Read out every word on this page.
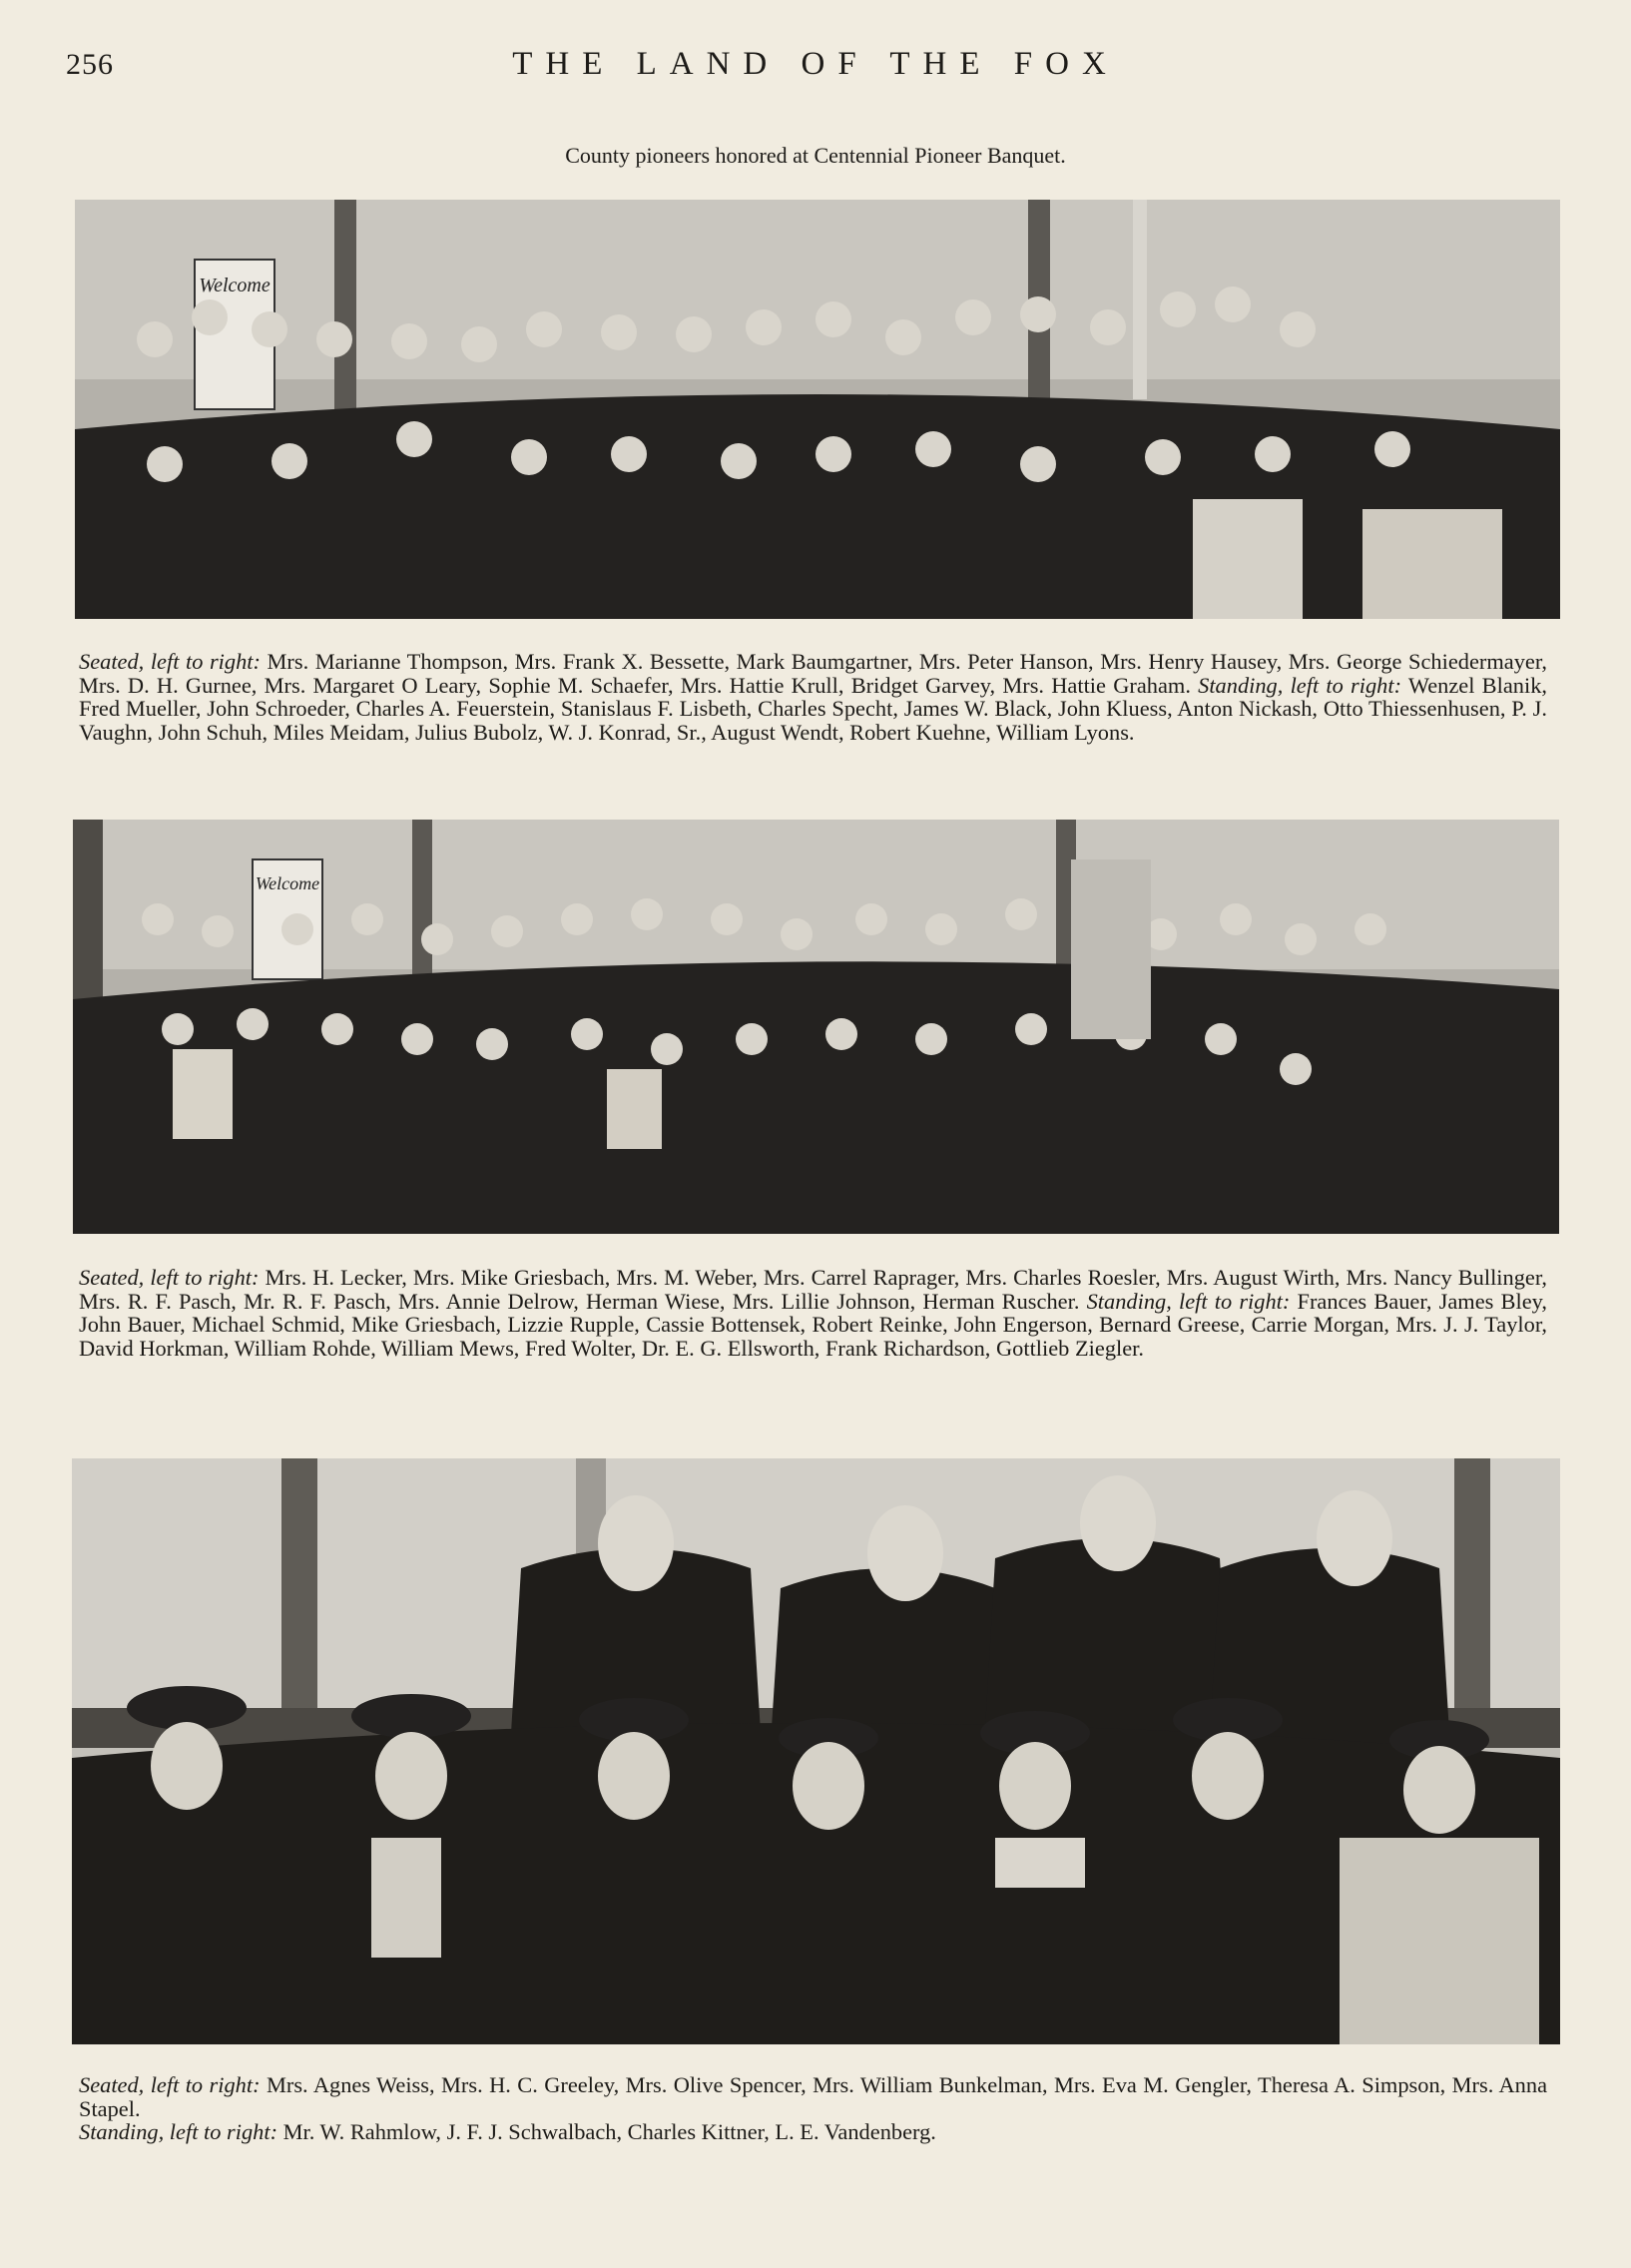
256	THE LAND OF THE FOX
County pioneers honored at Centennial Pioneer Banquet.
Welcome

Seated, left to right: Mrs. Marianne Thompson, Mrs. Frank X. Bessette, Mark Baumgartner, Mrs. Peter Hanson, Mrs. Henry Hausey, Mrs. George Schiedermayer, Mrs. D. H. Gurnee, Mrs. Margaret O Leary, Sophie M. Schaefer, Mrs. Hattie Krull, Bridget Garvey, Mrs. Hattie Graham. Standing, left to right: Wenzel Blanik, Fred Mueller, John Schroeder, Charles A. Feuerstein, Stanislaus F. Lisbeth, Charles Specht, James W. Black, John Kluess, Anton Nickash, Otto Thiessenhusen, P. J. Vaughn, John Schuh, Miles Meidam, Julius Bubolz, W. J. Konrad, Sr., August Wendt, Robert Kuehne, William Lyons.

Welcome

Seated, left to right: Mrs. H. Lecker, Mrs. Mike Griesbach, Mrs. M. Weber, Mrs. Carrel Raprager, Mrs. Charles Roesler, Mrs. August Wirth, Mrs. Nancy Bullinger, Mrs. R. F. Pasch, Mr. R. F. Pasch, Mrs. Annie Delrow, Herman Wiese, Mrs. Lillie Johnson, Herman Ruscher. Standing, left to right: Frances Bauer, James Bley, John Bauer, Michael Schmid, Mike Griesbach, Lizzie Rupple, Cassie Bottensek, Robert Reinke, John Engerson, Bernard Greese, Carrie Morgan, Mrs. J. J. Taylor, David Horkman, William Rohde, William Mews, Fred Wolter, Dr. E. G. Ellsworth, Frank Richardson, Gottlieb Ziegler.

Seated, left to right: Mrs. Agnes Weiss, Mrs. H. C. Greeley, Mrs. Olive Spencer, Mrs. William Bunkelman, Mrs. Eva M. Gengler, Theresa A. Simpson, Mrs. Anna Stapel.

Standing, left to right: Mr. W. Rahmlow, J. F. J. Schwalbach, Charles Kittner, L. E. Vandenberg.
